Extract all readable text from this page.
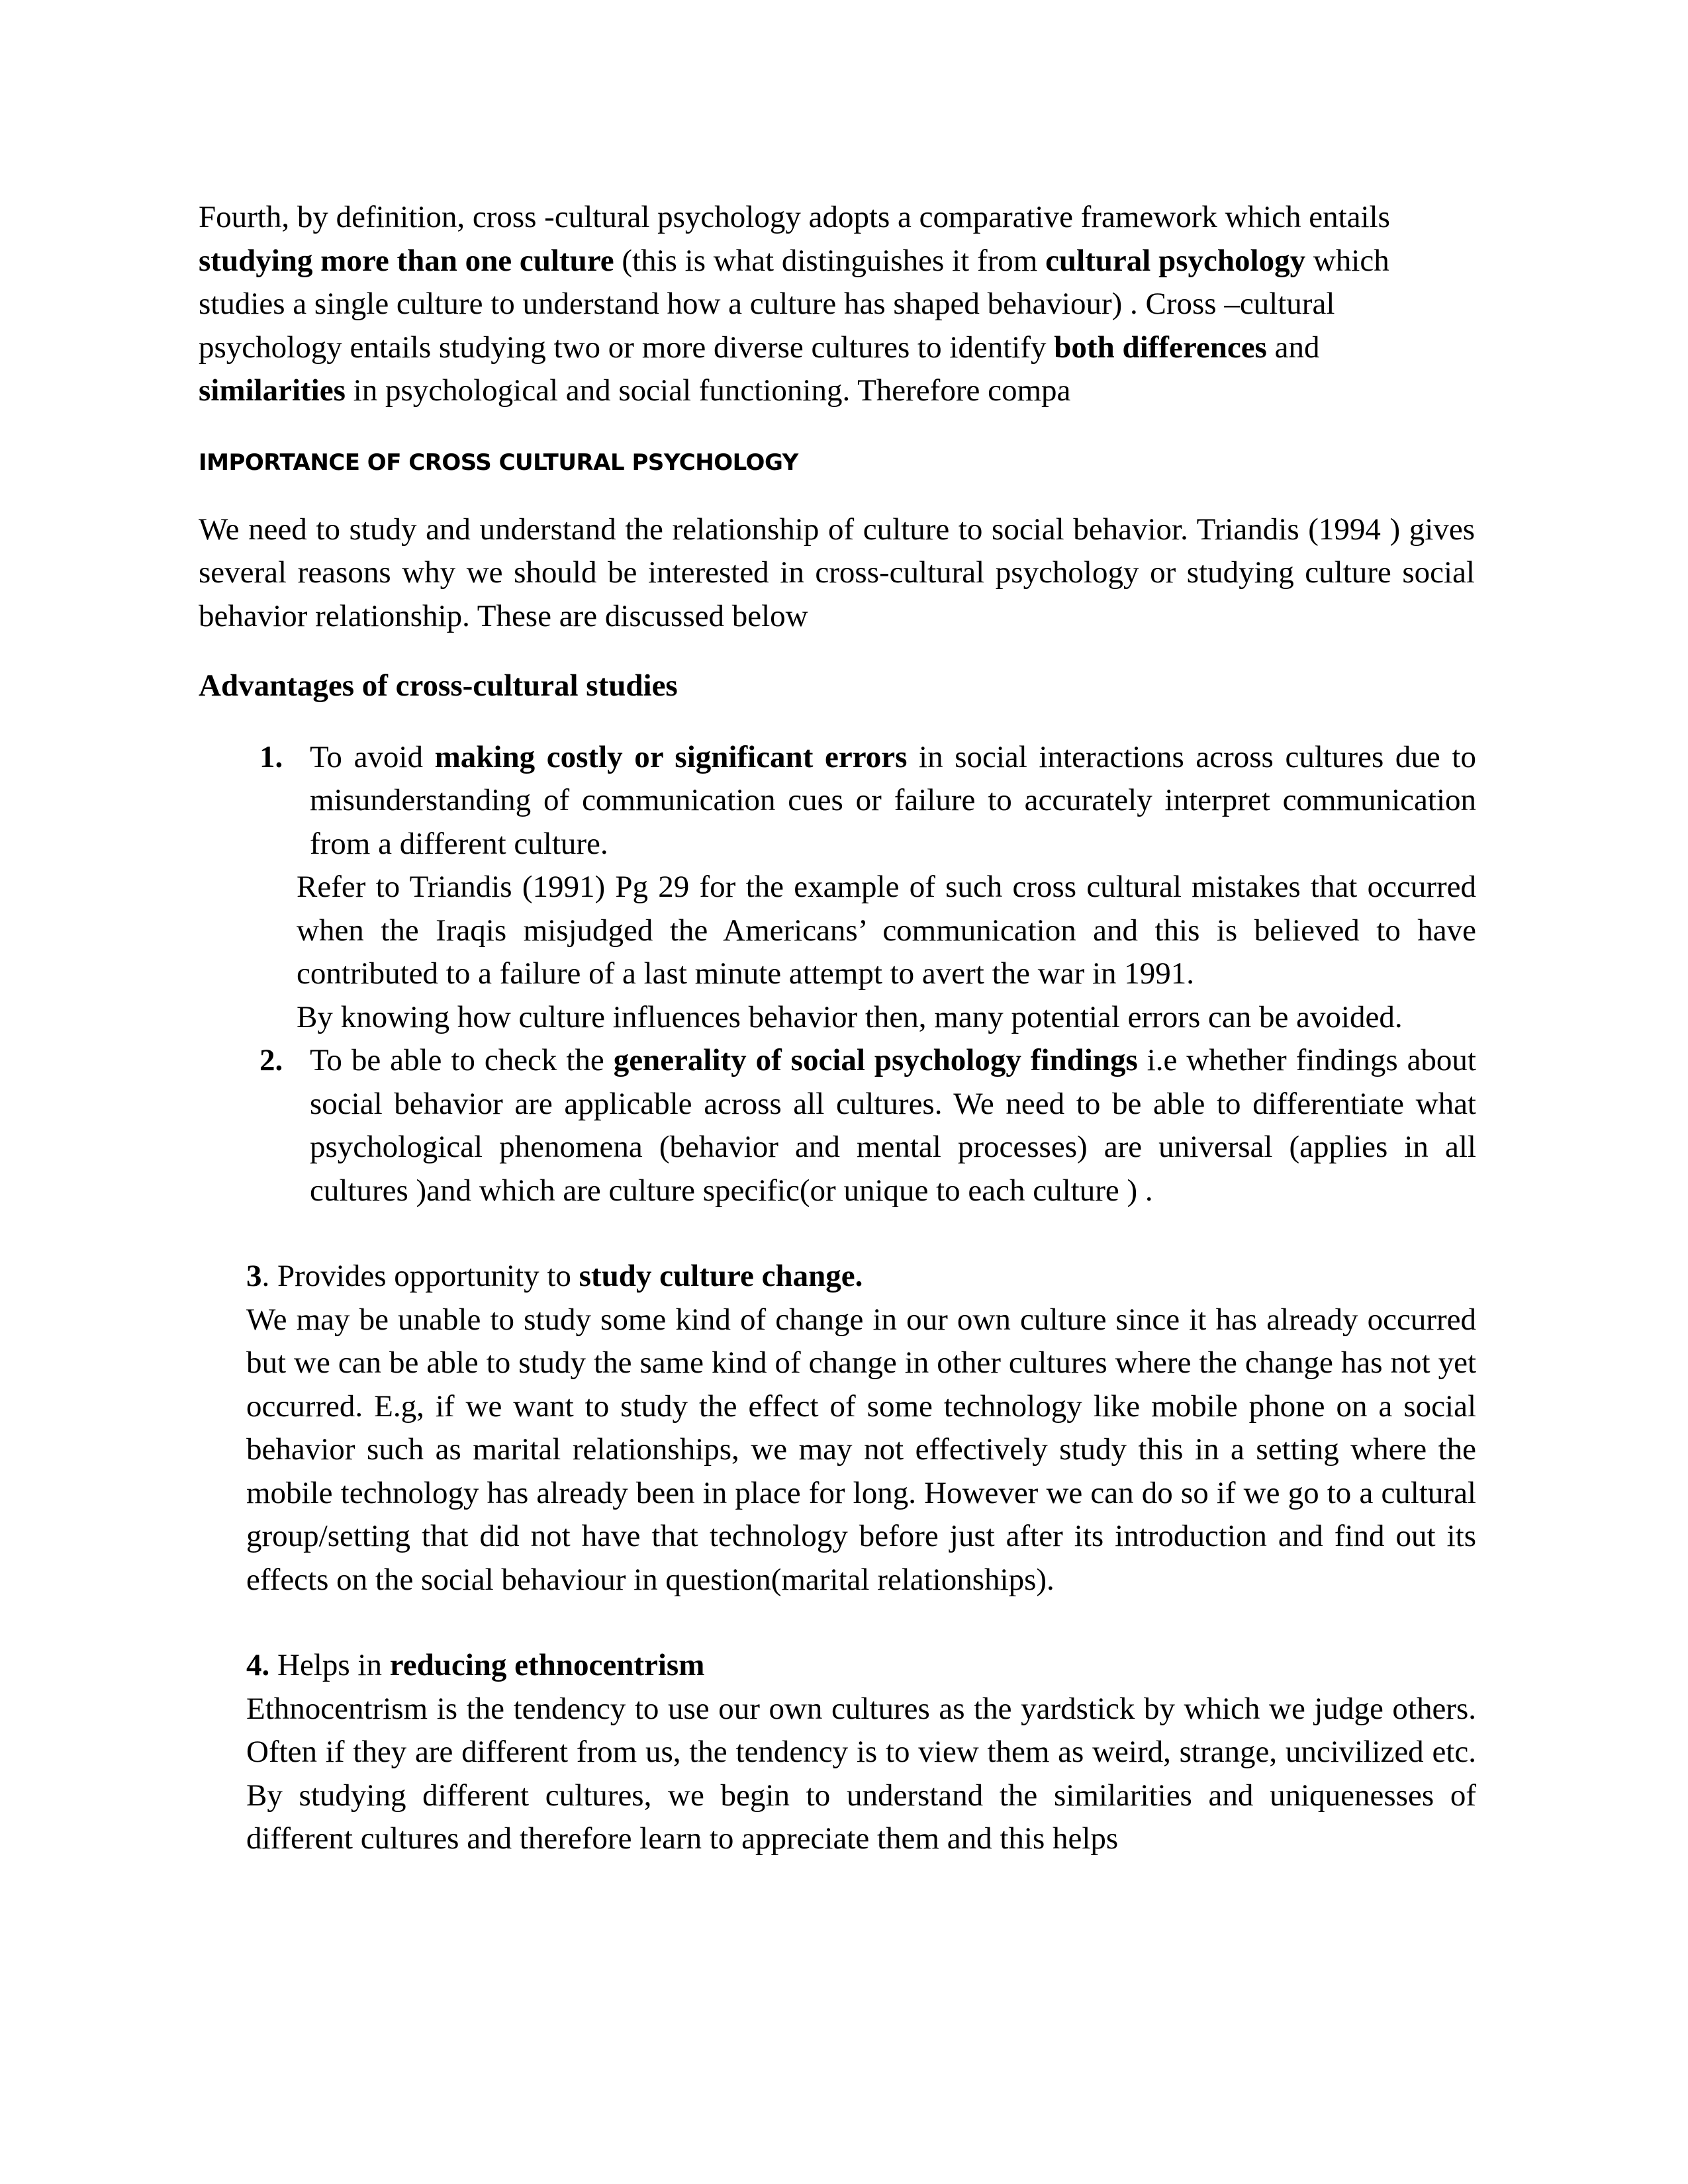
Fourth, by definition, cross -cultural psychology adopts a comparative framework which entails studying more than one culture (this is what distinguishes it from cultural psychology which studies a single culture to understand how a culture has shaped behaviour) . Cross –cultural psychology entails studying two or more diverse cultures to identify both differences and similarities in psychological and social functioning. Therefore compa

IMPORTANCE OF CROSS CULTURAL PSYCHOLOGY

We need to study and understand the relationship of culture to social behavior. Triandis (1994 ) gives several reasons why we should be interested in cross-cultural psychology or studying culture social behavior relationship. These are discussed below

Advantages of cross-cultural studies
1. To avoid making costly or significant errors in social interactions across cultures due to misunderstanding of communication cues or failure to accurately interpret communication from a different culture.

Refer to Triandis (1991) Pg 29 for the example of such cross cultural mistakes that occurred when the Iraqis misjudged the Americans’ communication and this is believed to have contributed to a failure of a last minute attempt to avert the war in 1991.

By knowing how culture influences behavior then, many potential errors can be avoided.

2. To be able to check the generality of social psychology findings i.e whether findings about social behavior are applicable across all cultures. We need to be able to differentiate what psychological phenomena (behavior and mental processes) are universal (applies in all cultures )and which are culture specific(or unique to each culture ) .
3. Provides opportunity to study culture change.

We may be unable to study some kind of change in our own culture since it has already occurred but we can be able to study the same kind of change in other cultures where the change has not yet occurred. E.g, if we want to study the effect of some technology like mobile phone on a social behavior such as marital relationships, we may not effectively study this in a setting where the mobile technology has already been in place for long. However we can do so if we go to a cultural group/setting that did not have that technology before just after its introduction and find out its effects on the social behaviour in question(marital relationships).

4. Helps in reducing ethnocentrism

Ethnocentrism is the tendency to use our own cultures as the yardstick by which we judge others. Often if they are different from us, the tendency is to view them as weird, strange, uncivilized etc. By studying different cultures, we begin to understand the similarities and uniquenesses of different cultures and therefore learn to appreciate them and this helps
